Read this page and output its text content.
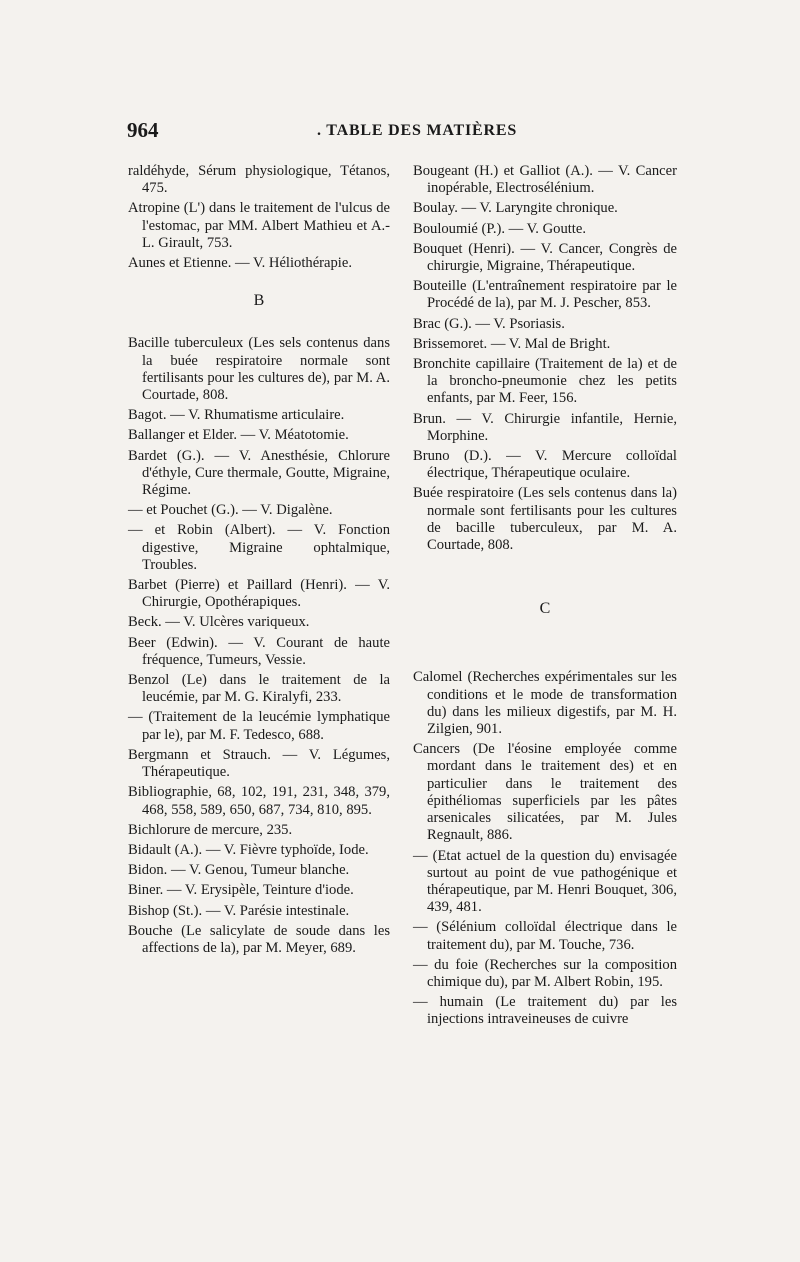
964	. TABLE DES MATIÈRES
raldéhyde, Sérum physiologique, Tétanos, 475.
Atropine (L') dans le traitement de l'ulcus de l'estomac, par MM. Albert Mathieu et A.-L. Girault, 753.
Aunes et Etienne. — V. Héliothérapie.
B
Bacille tuberculeux (Les sels contenus dans la buée respiratoire normale sont fertilisants pour les cultures de), par M. A. Courtade, 808.
Bagot. — V. Rhumatisme articulaire.
Ballanger et Elder. — V. Méatotomie.
Bardet (G.). — V. Anesthésie, Chlorure d'éthyle, Cure thermale, Goutte, Migraine, Régime.
— et Pouchet (G.). — V. Digalène.
— et Robin (Albert). — V. Fonction digestive, Migraine ophtalmique, Troubles.
Barbet (Pierre) et Paillard (Henri). — V. Chirurgie, Opothérapiques.
Beck. — V. Ulcères variqueux.
Beer (Edwin). — V. Courant de haute fréquence, Tumeurs, Vessie.
Benzol (Le) dans le traitement de la leucémie, par M. G. Kiralyfi, 233.
— (Traitement de la leucémie lymphatique par le), par M. F. Tedesco, 688.
Bergmann et Strauch. — V. Légumes, Thérapeutique.
Bibliographie, 68, 102, 191, 231, 348, 379, 468, 558, 589, 650, 687, 734, 810, 895.
Bichlorure de mercure, 235.
Bidault (A.). — V. Fièvre typhoïde, Iode.
Bidon. — V. Genou, Tumeur blanche.
Biner. — V. Erysipèle, Teinture d'iode.
Bishop (St.). — V. Parésie intestinale.
Bouche (Le salicylate de soude dans les affections de la), par M. Meyer, 689.
Bougeant (H.) et Galliot (A.). — V. Cancer inopérable, Electrosélénium.
Boulay. — V. Laryngite chronique.
Bouloumié (P.). — V. Goutte.
Bouquet (Henri). — V. Cancer, Congrès de chirurgie, Migraine, Thérapeutique.
Bouteille (L'entraînement respiratoire par le Procédé de la), par M. J. Pescher, 853.
Brac (G.). — V. Psoriasis.
Brissemoret. — V. Mal de Bright.
Bronchite capillaire (Traitement de la) et de la broncho-pneumonie chez les petits enfants, par M. Feer, 156.
Brun. — V. Chirurgie infantile, Hernie, Morphine.
Bruno (D.). — V. Mercure colloïdal électrique, Thérapeutique oculaire.
Buée respiratoire (Les sels contenus dans la) normale sont fertilisants pour les cultures de bacille tuberculeux, par M. A. Courtade, 808.
C
Calomel (Recherches expérimentales sur les conditions et le mode de transformation du) dans les milieux digestifs, par M. H. Zilgien, 901.
Cancers (De l'éosine employée comme mordant dans le traitement des) et en particulier dans le traitement des épithéliomas superficiels par les pâtes arsenicales silicatées, par M. Jules Regnault, 886.
— (Etat actuel de la question du) envisagée surtout au point de vue pathogénique et thérapeutique, par M. Henri Bouquet, 306, 439, 481.
— (Sélénium colloïdal électrique dans le traitement du), par M. Touche, 736.
— du foie (Recherches sur la composition chimique du), par M. Albert Robin, 195.
— humain (Le traitement du) par les injections intraveineuses de cuivre
